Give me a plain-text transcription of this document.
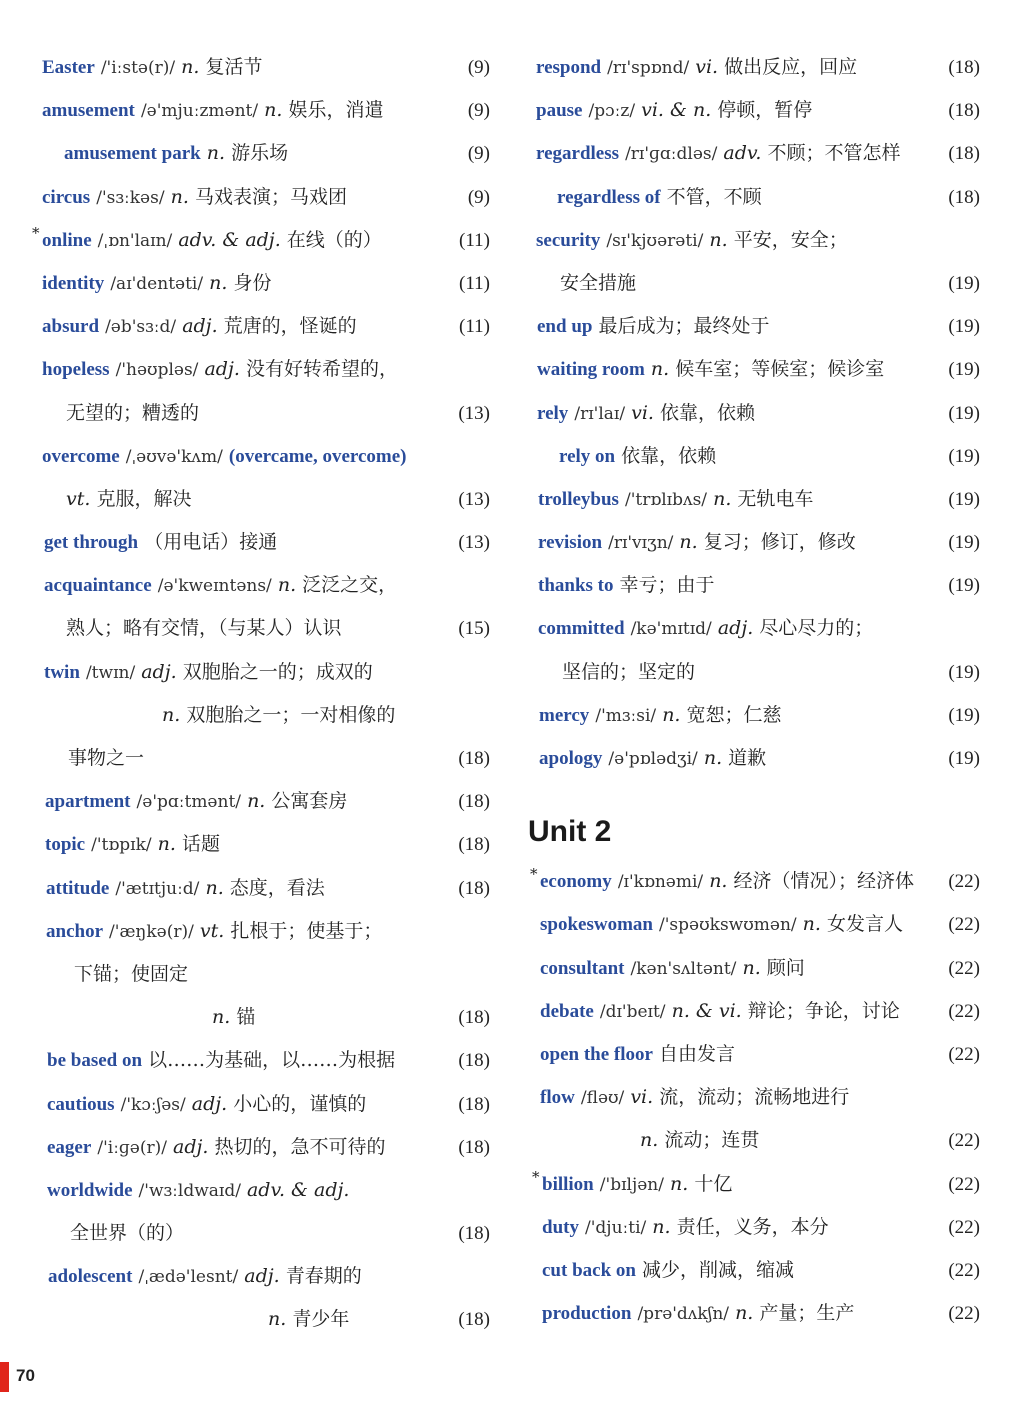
Easter /'iːstə(r)/ n. 复活节	(9)
amusement /ə'mjuːzmənt/ n. 娱乐，消遣	(9)
amusement park n. 游乐场	(9)
circus /'sɜːkəs/ n. 马戏表演；马戏团	(9)
* online /ˌɒn'laɪn/ adv. & adj. 在线（的）	(11)
identity /aɪ'dentəti/ n. 身份	(11)
absurd /əb'sɜːd/ adj. 荒唐的，怪诞的	(11)
hopeless /'həʊpləs/ adj. 没有好转希望的，
无望的；糟透的	(13)
overcome /ˌəʊvə'kʌm/ (overcame, overcome)
vt. 克服，解决	(13)
get through （用电话）接通	(13)
acquaintance /ə'kweɪntəns/ n. 泛泛之交，
熟人；略有交情，（与某人）认识	(15)
twin /twɪn/ adj. 双胞胎之一的；成双的
n. 双胞胎之一；一对相像的
事物之一	(18)
apartment /ə'pɑːtmənt/ n. 公寓套房	(18)
topic /'tɒpɪk/ n. 话题	(18)
attitude /'ætɪtjuːd/ n. 态度，看法	(18)
anchor /'æŋkə(r)/ vt. 扎根于；使基于；
下锚；使固定
n. 锚	(18)
be based on 以……为基础，以……为根据	(18)
cautious /'kɔːʃəs/ adj. 小心的，谨慎的	(18)
eager /'iːɡə(r)/ adj. 热切的，急不可待的	(18)
worldwide /'wɜːldwaɪd/ adv. & adj.
全世界（的）	(18)
adolescent /ˌædə'lesnt/ adj. 青春期的
n. 青少年	(18)
respond /rɪ'spɒnd/ vi. 做出反应，回应	(18)
pause /pɔːz/ vi. & n. 停顿，暂停	(18)
regardless /rɪ'ɡɑːdləs/ adv. 不顾；不管怎样	(18)
regardless of 不管，不顾	(18)
security /sɪ'kjʊərəti/ n. 平安，安全；
安全措施	(19)
end up 最后成为；最终处于	(19)
waiting room n. 候车室；等候室；候诊室	(19)
rely /rɪ'laɪ/ vi. 依靠，依赖	(19)
rely on 依靠，依赖	(19)
trolleybus /'trɒlɪbʌs/ n. 无轨电车	(19)
revision /rɪ'vɪʒn/ n. 复习；修订，修改	(19)
thanks to 幸亏；由于	(19)
committed /kə'mɪtɪd/ adj. 尽心尽力的；
坚信的；坚定的	(19)
mercy /'mɜːsi/ n. 宽恕；仁慈	(19)
apology /ə'pɒlədʒi/ n. 道歉	(19)
Unit 2
* economy /ɪ'kɒnəmi/ n. 经济（情况）；经济体 (22)
spokeswoman /'spəʊkswʊmən/ n. 女发言人 (22)
consultant /kən'sʌltənt/ n. 顾问	(22)
debate /dɪ'beɪt/ n. & vi. 辩论；争论，讨论	(22)
open the floor 自由发言	(22)
flow /fləʊ/ vi. 流，流动；流畅地进行
n. 流动；连贯	(22)
* billion /'bɪljən/ n. 十亿	(22)
duty /'djuːti/ n. 责任，义务，本分	(22)
cut back on 减少，削减，缩减	(22)
production /prə'dʌkʃn/ n. 产量；生产	(22)
70
